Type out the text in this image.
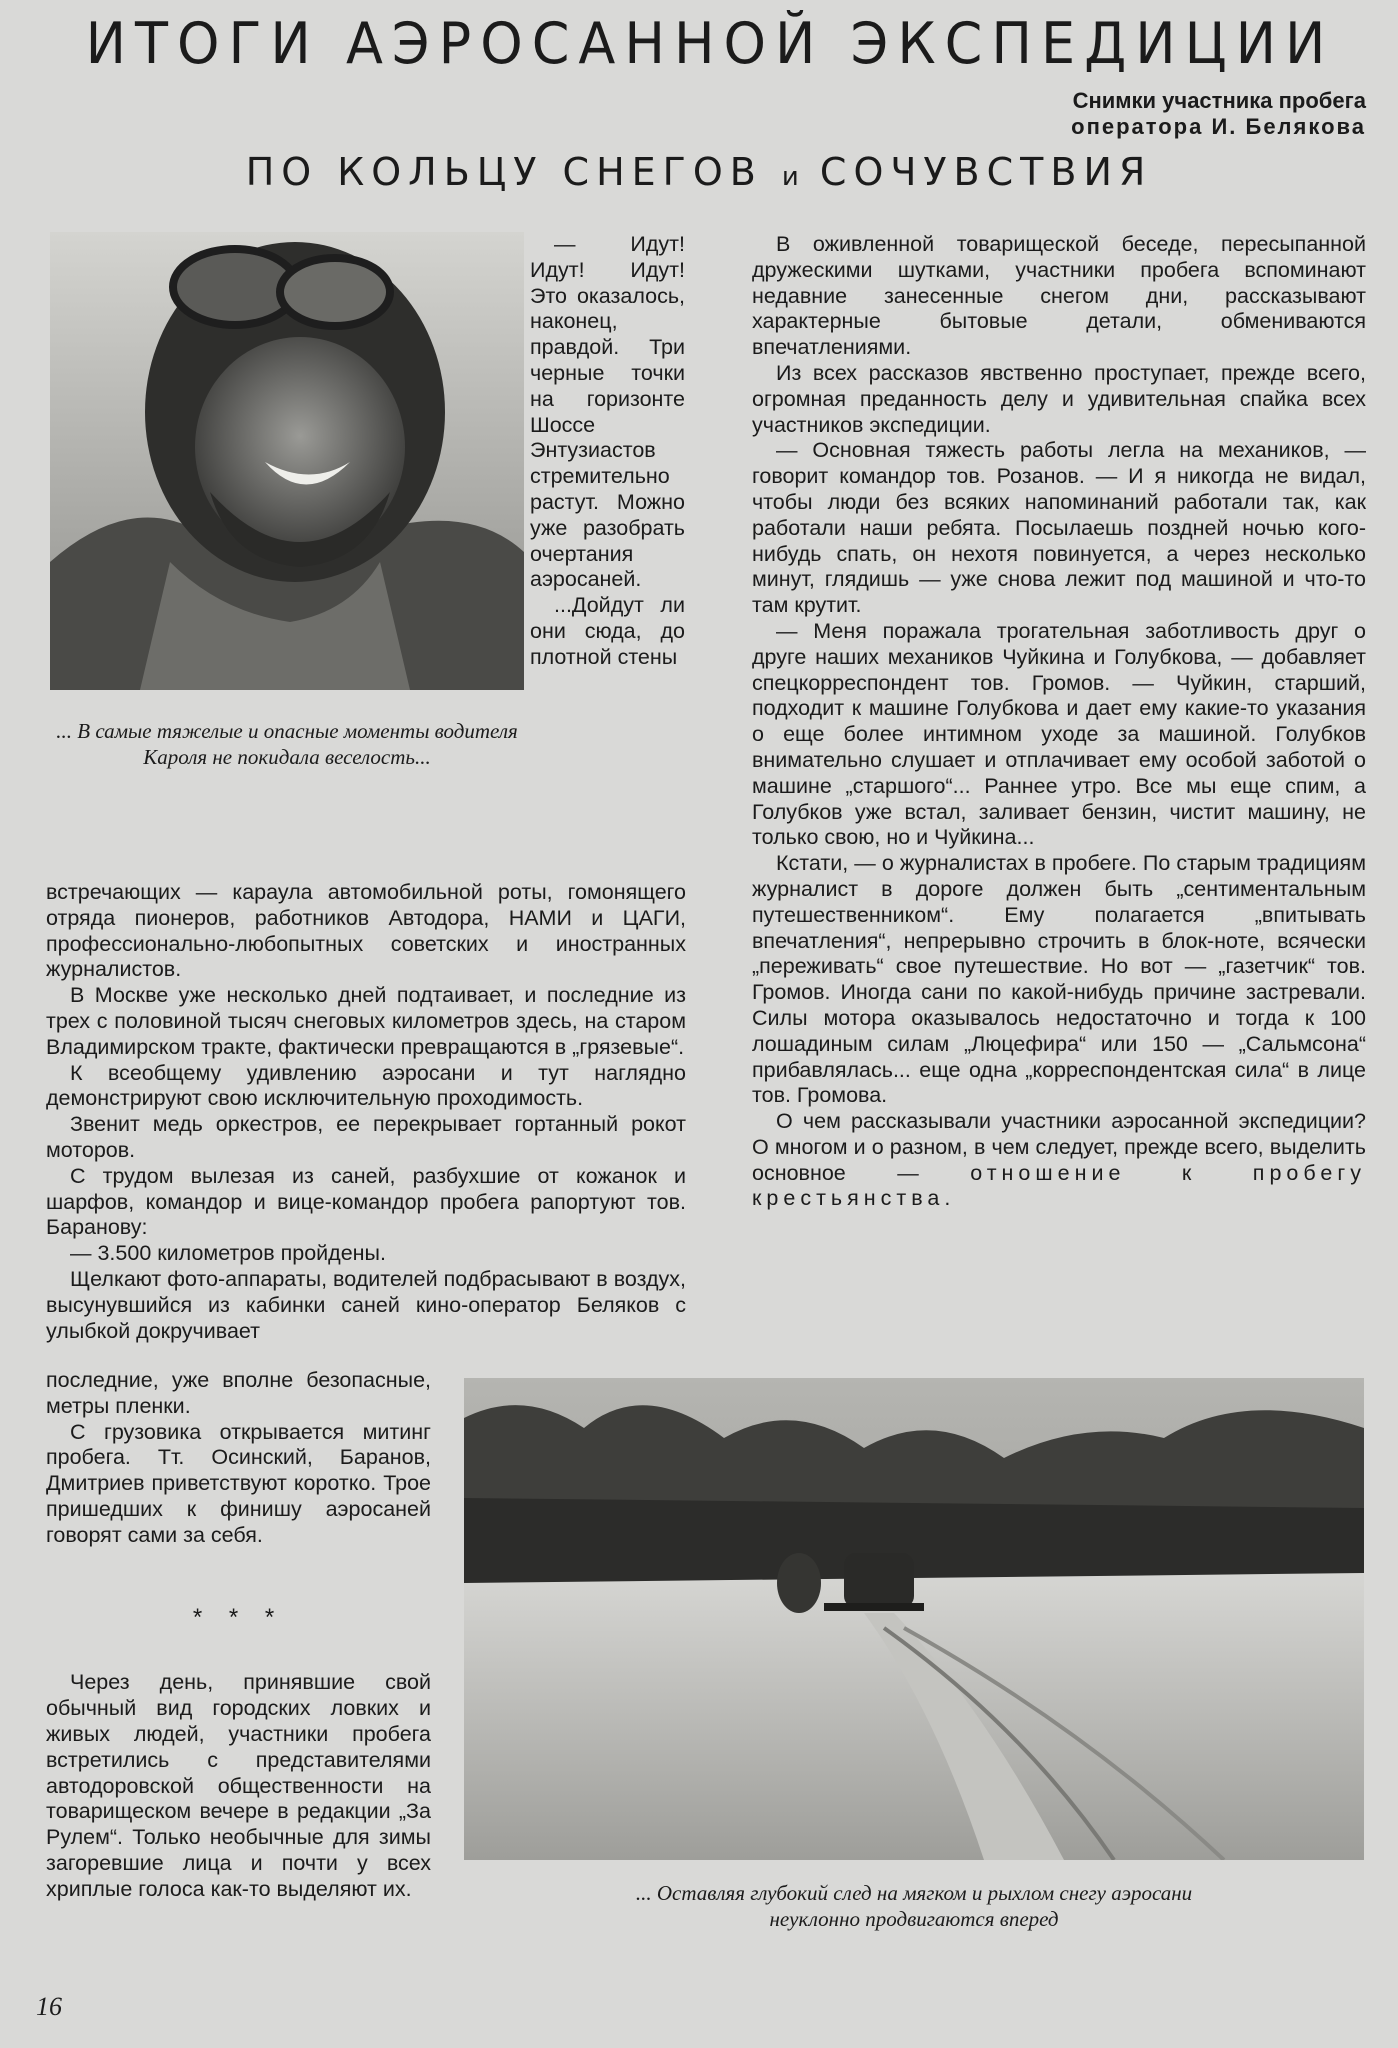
ИТОГИ АЭРОСАННОЙ ЭКСПЕДИЦИИ
Снимки участника пробега
оператора И. Белякова
ПО КОЛЬЦУ СНЕГОВ и СОЧУВСТВИЯ
... В самые тяжелые и опасные моменты водителя Кароля не покидала веселость...

— Идут! Идут! Идут! Это оказалось, наконец, правдой. Три черные точки на горизонте Шоссе Энтузиастов стремительно растут. Можно уже разобрать очертания аэросаней.

...Дойдут ли они сюда, до плотной стены

встречающих — караула автомобильной роты, гомонящего отряда пионеров, работников Автодора, НАМИ и ЦАГИ, профессионально-любопытных советских и иностранных журналистов.

В Москве уже несколько дней подтаивает, и последние из трех с половиной тысяч снеговых километров здесь, на старом Владимирском тракте, фактически превращаются в „грязевые“.

К всеобщему удивлению аэросани и тут наглядно демонстрируют свою исключительную проходимость.

Звенит медь оркестров, ее перекрывает гортанный рокот моторов.

С трудом вылезая из саней, разбухшие от кожанок и шарфов, командор и вице-командор пробега рапортуют тов. Баранову:

— 3.500 километров пройдены.

Щелкают фото-аппараты, водителей подбрасывают в воздух, высунувшийся из кабинки саней кино-оператор Беляков с улыбкой докручивает

последние, уже вполне безопасные, метры пленки.

С грузовика открывается митинг пробега. Тт. Осинский, Баранов, Дмитриев приветствуют коротко. Трое пришедших к финишу аэросаней говорят сами за себя.

* * *

Через день, принявшие свой обычный вид городских ловких и живых людей, участники пробега встретились с представителями автодоровской общественности на товарищеском вечере в редакции „За Рулем“. Только необычные для зимы загоревшие лица и почти у всех хриплые голоса как-то выделяют их.

В оживленной товарищеской беседе, пересыпанной дружескими шутками, участники пробега вспоминают недавние занесенные снегом дни, рассказывают характерные бытовые детали, обмениваются впечатлениями.

Из всех рассказов явственно проступает, прежде всего, огромная преданность делу и удивительная спайка всех участников экспедиции.

— Основная тяжесть работы легла на механиков, — говорит командор тов. Розанов. — И я никогда не видал, чтобы люди без всяких напоминаний работали так, как работали наши ребята. Посылаешь поздней ночью кого-нибудь спать, он нехотя повинуется, а через несколько минут, глядишь — уже снова лежит под машиной и что-то там крутит.

— Меня поражала трогательная заботливость друг о друге наших механиков Чуйкина и Голубкова, — добавляет спецкорреспондент тов. Громов. — Чуйкин, старший, подходит к машине Голубкова и дает ему какие-то указания о еще более интимном уходе за машиной. Голубков внимательно слушает и отплачивает ему особой заботой о машине „старшого“... Раннее утро. Все мы еще спим, а Голубков уже встал, заливает бензин, чистит машину, не только свою, но и Чуйкина...

Кстати, — о журналистах в пробеге. По старым традициям журналист в дороге должен быть „сентиментальным путешественником“. Ему полагается „впитывать впечатления“, непрерывно строчить в блок-ноте, всячески „переживать“ свое путешествие. Но вот — „газетчик“ тов. Громов. Иногда сани по какой-нибудь причине застревали. Силы мотора оказывалось недостаточно и тогда к 100 лошадиным силам „Люцефира“ или 150 — „Сальмсона“ прибавлялась... еще одна „корреспондентская сила“ в лице тов. Громова.

О чем рассказывали участники аэросанной экспедиции? О многом и о разном, в чем следует, прежде всего, выделить основное — отношение к пробегу крестьянства.

... Оставляя глубокий след на мягком и рыхлом снегу аэросани
неуклонно продвигаются вперед
16
